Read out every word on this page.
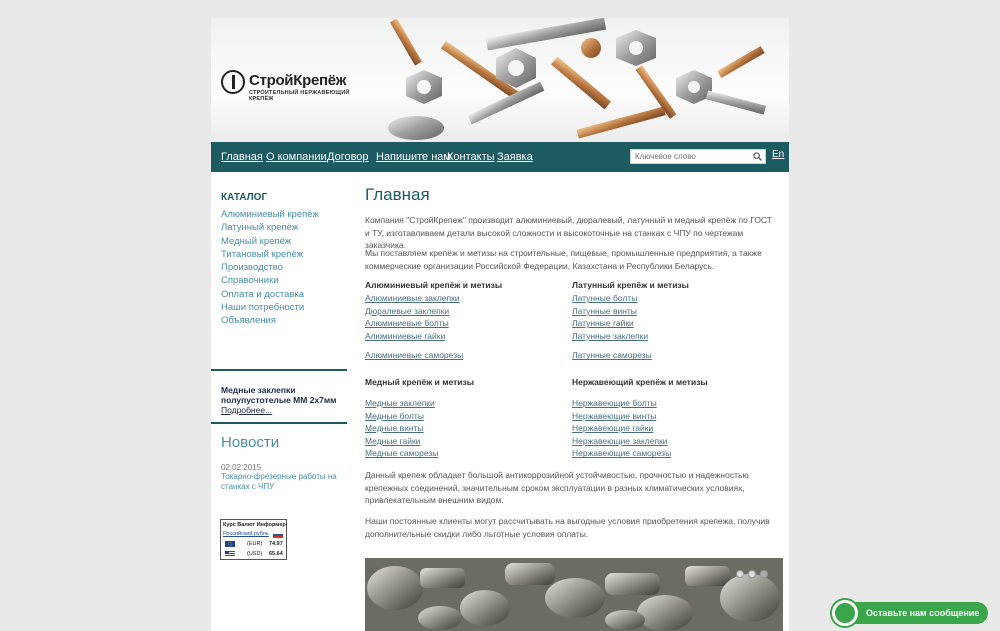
СтройКрепёж
СТРОИТЕЛЬНЫЙ НЕРЖАВЕЮЩИЙ КРЕПЁЖ
Главная О компании Договор Напишите нам
Контакты Заявка
Ключевое слово	En
КАТАЛОГ
Алюминиевый крепёж
Латунный крепёж
Медный крепёж
Титановый крепёж
Производство
Справочники
Оплата и доставка
Наши потребности
Объявления
Медные заклепки полупустотелые ММ 2х7мм
Подробнее...
Новости
02.02.2015
Токарно-фрезерные работы на станках с ЧПУ
Курс Валют Информер
Российский рубль
(EUR) 74.97
(USD) 65.64
Главная
Компания "СтройКрепеж" производит алюминиевый, дюралевый, латунный и медный крепёж по ГОСТ и ТУ, изготавливаем детали высокой сложности и высокоточные на станках с ЧПУ по чертежам заказчика.
Мы поставляем крепёж и метизы на строительные, пищевые, промышленные предприятия, а также коммерческие организации Российской Федерации, Казахстана и Республики Беларусь.
Алюминиевый крепёж и метизы
Алюминиевые заклепки
Дюралевые заклепки
Алюминиевые болты
Алюминиевые гайки
Алюминиевые саморезы
Латунный крепёж и метизы
Латунные болты
Латунные винты
Латунные гайки
Латунные заклепки
Латунные саморезы
Медный крепёж и метизы
Медные заклепки
Медные болты
Медные винты
Медные гайки
Медные саморезы
Нержавеющий крепёж и метизы
Нержавеющие болты
Нержавеющие винты
Нержавеющие гайки
Нержавеющие заклепки
Нержавеющие саморезы
Данный крепеж обладает большой антикоррозийной устойчивостью, прочностью и надежностью крепежных соединений, значительным сроком эксплуатации в разных климатических условиях, привлекательным внешним видом.
Наши постоянные клиенты могут рассчитывать на выгодные условия приобретения крепежа, получив дополнительные скидки либо льготные условия оплаты.
Оставьте нам сообщение
